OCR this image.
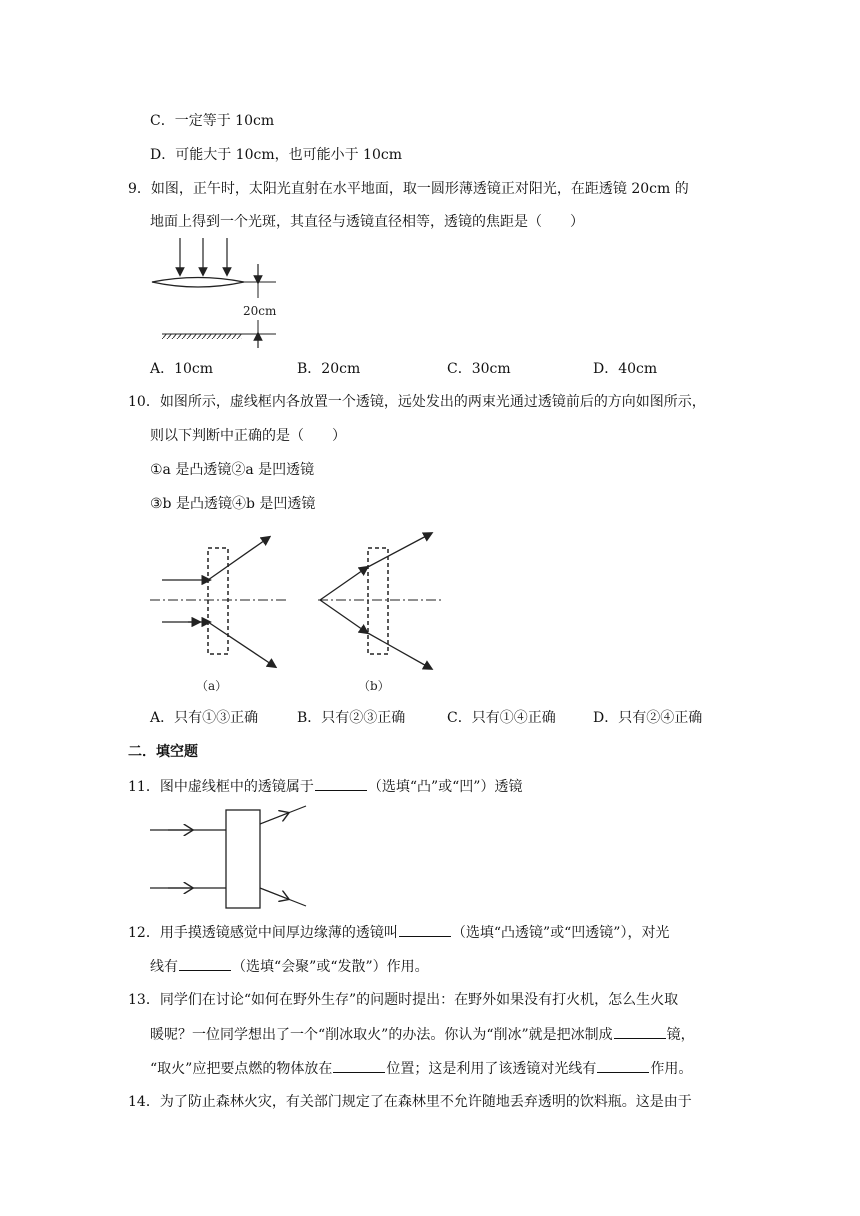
C．一定等于 10cm
D．可能大于 10cm，也可能小于 10cm
9．如图，正午时，太阳光直射在水平地面，取一圆形薄透镜正对阳光，在距透镜 20cm 的
地面上得到一个光斑，其直径与透镜直径相等，透镜的焦距是（　　）
20cm
A．10cm	B．20cm	C．30cm	D．40cm
10．如图所示，虚线框内各放置一个透镜，远处发出的两束光通过透镜前后的方向如图所示，
则以下判断中正确的是（　　）
①a 是凸透镜②a 是凹透镜
③b 是凸透镜④b 是凹透镜
（a）	（b）
A．只有①③正确	B．只有②③正确	C．只有①④正确	D．只有②④正确
二．填空题
11．图中虚线框中的透镜属于	（选填“凸”或“凹”）透镜
12．用手摸透镜感觉中间厚边缘薄的透镜叫	（选填“凸透镜”或“凹透镜”），对光
线有	（选填“会聚”或“发散”）作用。
13．同学们在讨论“如何在野外生存”的问题时提出：在野外如果没有打火机，怎么生火取
暖呢？一位同学想出了一个“削冰取火”的办法。你认为“削冰”就是把冰制成	镜，
“取火”应把要点燃的物体放在	位置；这是利用了该透镜对光线有	作用。
14．为了防止森林火灾，有关部门规定了在森林里不允许随地丢弃透明的饮料瓶。这是由于
